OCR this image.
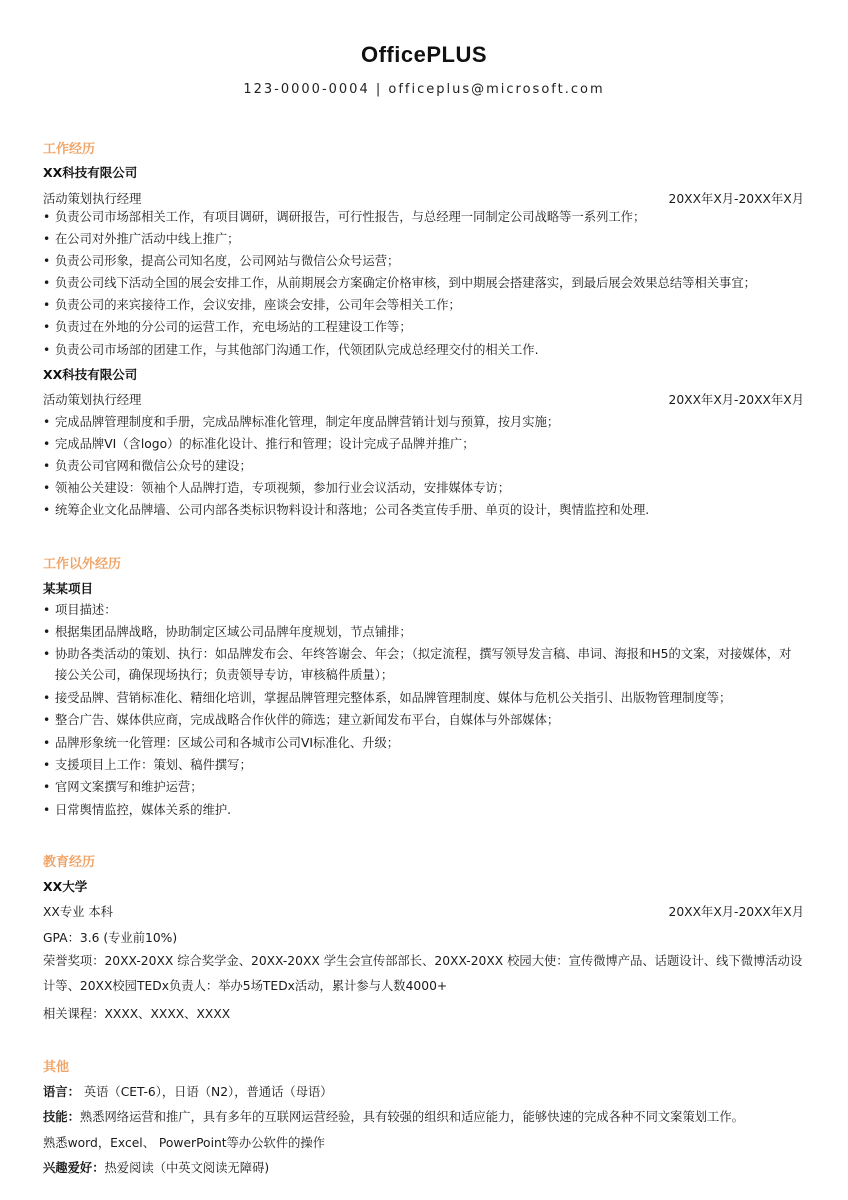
OfficePLUS
123-0000-0004 | officeplus@microsoft.com
工作经历
XX科技有限公司
活动策划执行经理	20XX年X月-20XX年X月
• 负责公司市场部相关工作，有项目调研，调研报告，可行性报告，与总经理一同制定公司战略等一系列工作；
• 在公司对外推广活动中线上推广；
• 负责公司形象，提高公司知名度，公司网站与微信公众号运营；
• 负责公司线下活动全国的展会安排工作，从前期展会方案确定价格审核，到中期展会搭建落实，到最后展会效果总结等相关事宜；
• 负责公司的来宾接待工作，会议安排，座谈会安排，公司年会等相关工作；
• 负责过在外地的分公司的运营工作，充电场站的工程建设工作等；
• 负责公司市场部的团建工作，与其他部门沟通工作，代领团队完成总经理交付的相关工作.
XX科技有限公司
活动策划执行经理	20XX年X月-20XX年X月
• 完成品牌管理制度和手册，完成品牌标准化管理，制定年度品牌营销计划与预算，按月实施；
• 完成品牌VI（含logo）的标准化设计、推行和管理；设计完成子品牌并推广；
• 负责公司官网和微信公众号的建设；
• 领袖公关建设：领袖个人品牌打造，专项视频，参加行业会议活动，安排媒体专访；
• 统筹企业文化品牌墙、公司内部各类标识物料设计和落地；公司各类宣传手册、单页的设计，舆情监控和处理.
工作以外经历
某某项目
• 项目描述：
• 根据集团品牌战略，协助制定区域公司品牌年度规划，节点铺排；
• 协助各类活动的策划、执行：如品牌发布会、年终答谢会、年会；（拟定流程，撰写领导发言稿、串词、海报和H5的文案，对接媒体，对接公关公司，确保现场执行；负责领导专访，审核稿件质量）；
• 接受品牌、营销标准化、精细化培训，掌握品牌管理完整体系，如品牌管理制度、媒体与危机公关指引、出版物管理制度等；
• 整合广告、媒体供应商，完成战略合作伙伴的筛选；建立新闻发布平台，自媒体与外部媒体；
• 品牌形象统一化管理：区域公司和各城市公司VI标准化、升级；
• 支援项目上工作：策划、稿件撰写；
• 官网文案撰写和维护运营；
• 日常舆情监控，媒体关系的维护.
教育经历
XX大学
XX专业 本科	20XX年X月-20XX年X月
GPA：3.6 (专业前10%)
荣誉奖项：20XX-20XX 综合奖学金、20XX-20XX 学生会宣传部部长、20XX-20XX 校园大使：宣传微博产品、话题设计、线下微博活动设计等、20XX校园TEDx负责人：举办5场TEDx活动，累计参与人数4000+
相关课程：XXXX、XXXX、XXXX
其他
语言： 英语（CET-6），日语（N2），普通话（母语）
技能：熟悉网络运营和推广，具有多年的互联网运营经验，具有较强的组织和适应能力，能够快速的完成各种不同文案策划工作。
熟悉word，Excel、 PowerPoint等办公软件的操作
兴趣爱好：热爱阅读（中英文阅读无障碍)
